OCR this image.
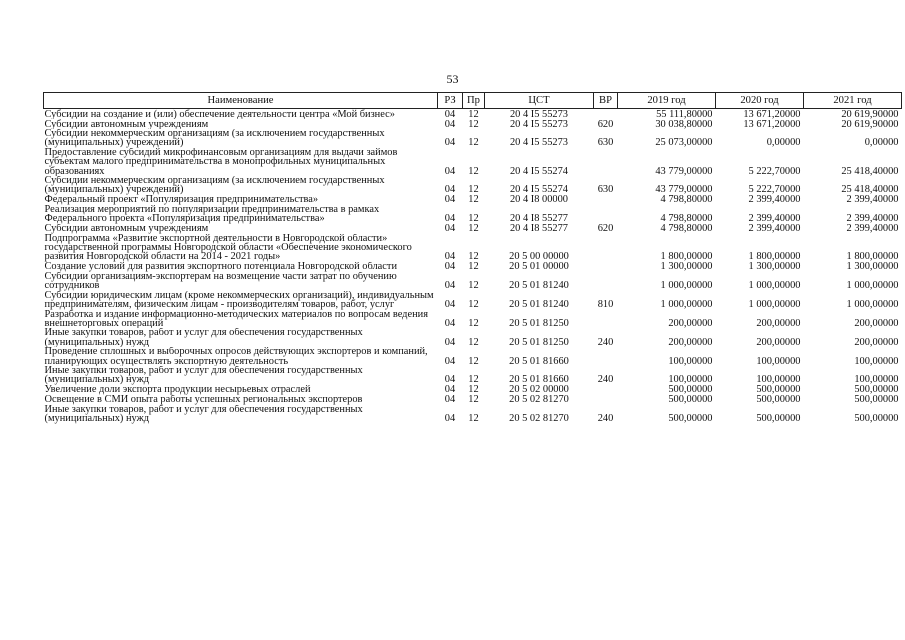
53
Наименование	РЗ	Пр	ЦСТ	ВР	2019 год	2020 год	2021 год
Субсидии на создание и (или) обеспечение деятельности центра «Мой бизнес»	04	12	20 4 I5 55273		55 111,80000	13 671,20000	20 619,90000
Субсидии автономным учреждениям	04	12	20 4 I5 55273	620	30 038,80000	13 671,20000	20 619,90000
Субсидии некоммерческим организациям (за исключением государственных (муниципальных) учреждений)	04	12	20 4 I5 55273	630	25 073,00000	0,00000	0,00000
Предоставление субсидий микрофинансовым организациям для выдачи займов субъектам малого предпринимательства в монопрофильных муниципальных образованиях	04	12	20 4 I5 55274		43 779,00000	5 222,70000	25 418,40000
Субсидии некоммерческим организациям (за исключением государственных (муниципальных) учреждений)	04	12	20 4 I5 55274	630	43 779,00000	5 222,70000	25 418,40000
Федеральный проект «Популяризация предпринимательства»	04	12	20 4 I8 00000		4 798,80000	2 399,40000	2 399,40000
Реализация мероприятий по популяризации предпринимательства в рамках Федерального проекта «Популяризация предпринимательства»	04	12	20 4 I8 55277		4 798,80000	2 399,40000	2 399,40000
Субсидии автономным учреждениям	04	12	20 4 I8 55277	620	4 798,80000	2 399,40000	2 399,40000
Подпрограмма «Развитие экспортной деятельности в Новгородской области» государственной программы Новгородской области «Обеспечение экономического развития Новгородской области на 2014 - 2021 годы»	04	12	20 5 00 00000		1 800,00000	1 800,00000	1 800,00000
Создание условий для развития экспортного потенциала Новгородской области	04	12	20 5 01 00000		1 300,00000	1 300,00000	1 300,00000
Субсидии организациям-экспортерам на возмещение части затрат по обучению сотрудников	04	12	20 5 01 81240		1 000,00000	1 000,00000	1 000,00000
Субсидии юридическим лицам (кроме некоммерческих организаций), индивидуальным предпринимателям, физическим лицам - производителям товаров, работ, услуг	04	12	20 5 01 81240	810	1 000,00000	1 000,00000	1 000,00000
Разработка и издание информационно-методических материалов по вопросам ведения внешнеторговых операций	04	12	20 5 01 81250		200,00000	200,00000	200,00000
Иные закупки товаров, работ и услуг для обеспечения государственных (муниципальных) нужд	04	12	20 5 01 81250	240	200,00000	200,00000	200,00000
Проведение сплошных и выборочных опросов действующих экспортеров и компаний, планирующих осуществлять экспортную деятельность	04	12	20 5 01 81660		100,00000	100,00000	100,00000
Иные закупки товаров, работ и услуг для обеспечения государственных (муниципальных) нужд	04	12	20 5 01 81660	240	100,00000	100,00000	100,00000
Увеличение доли экспорта продукции несырьевых отраслей	04	12	20 5 02 00000		500,00000	500,00000	500,00000
Освещение в СМИ опыта работы успешных региональных экспортеров	04	12	20 5 02 81270		500,00000	500,00000	500,00000
Иные закупки товаров, работ и услуг для обеспечения государственных (муниципальных) нужд	04	12	20 5 02 81270	240	500,00000	500,00000	500,00000
